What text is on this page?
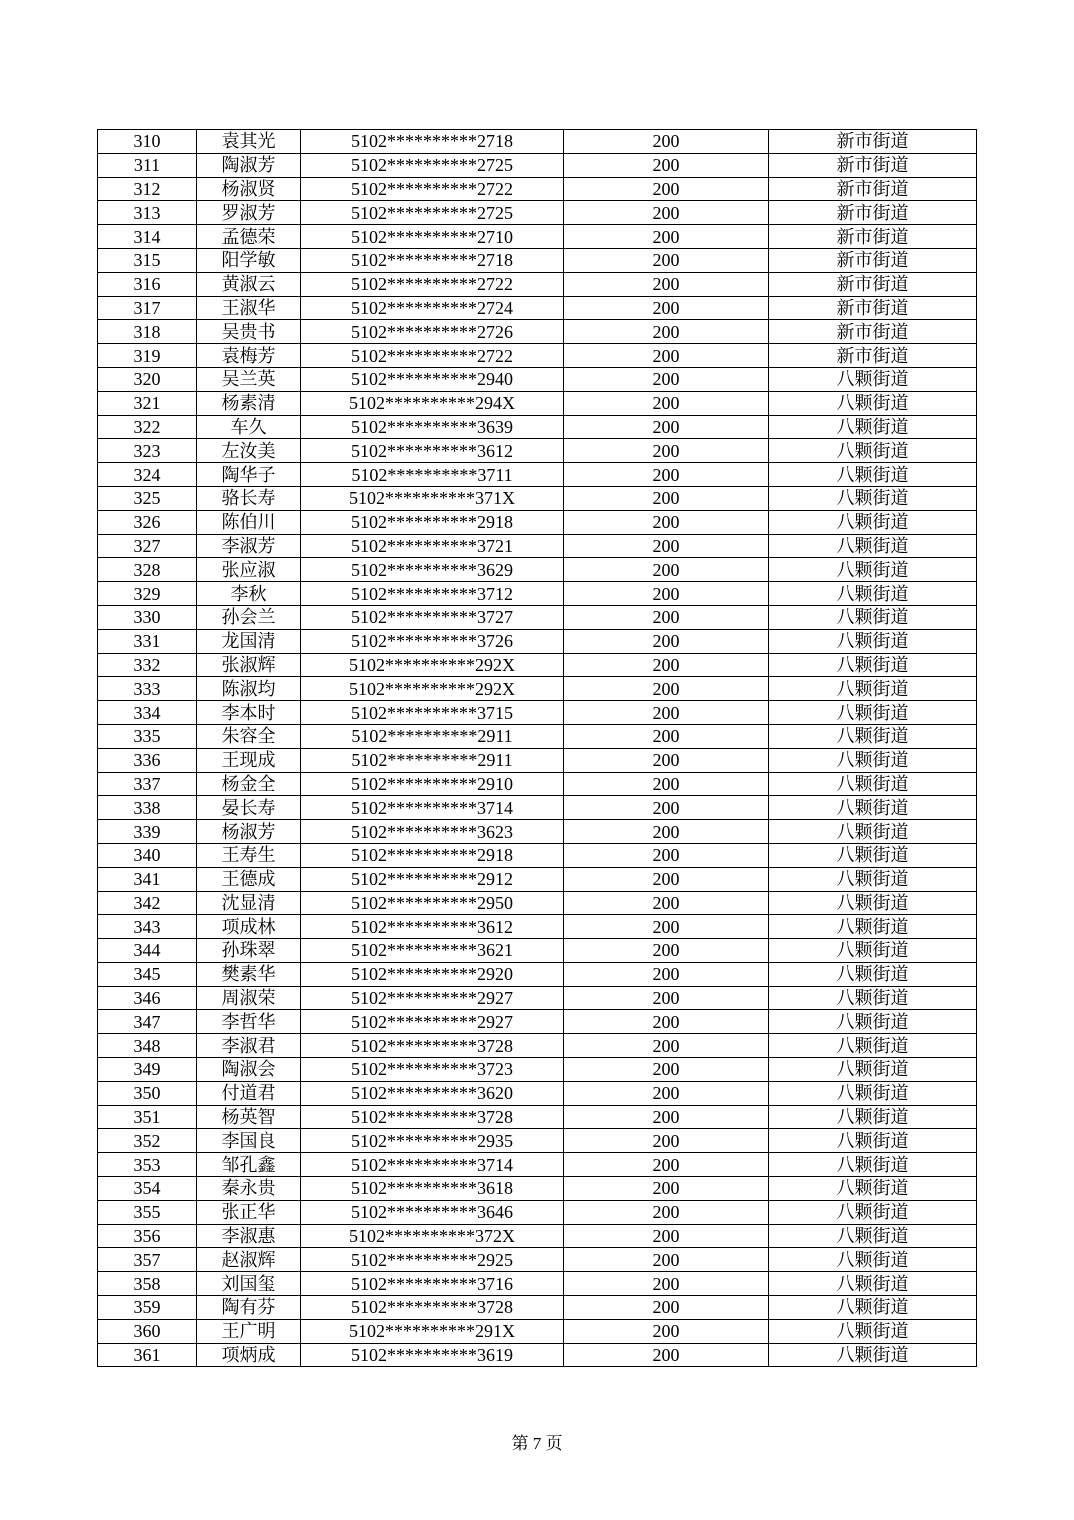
310	袁其光	5102**********2718	200	新市街道
311	陶淑芳	5102**********2725	200	新市街道
312	杨淑贤	5102**********2722	200	新市街道
313	罗淑芳	5102**********2725	200	新市街道
314	孟德荣	5102**********2710	200	新市街道
315	阳学敏	5102**********2718	200	新市街道
316	黄淑云	5102**********2722	200	新市街道
317	王淑华	5102**********2724	200	新市街道
318	吴贵书	5102**********2726	200	新市街道
319	袁梅芳	5102**********2722	200	新市街道
320	吴兰英	5102**********2940	200	八颗街道
321	杨素清	5102**********294X	200	八颗街道
322	车久	5102**********3639	200	八颗街道
323	左汝美	5102**********3612	200	八颗街道
324	陶华子	5102**********3711	200	八颗街道
325	骆长寿	5102**********371X	200	八颗街道
326	陈伯川	5102**********2918	200	八颗街道
327	李淑芳	5102**********3721	200	八颗街道
328	张应淑	5102**********3629	200	八颗街道
329	李秋	5102**********3712	200	八颗街道
330	孙会兰	5102**********3727	200	八颗街道
331	龙国清	5102**********3726	200	八颗街道
332	张淑辉	5102**********292X	200	八颗街道
333	陈淑均	5102**********292X	200	八颗街道
334	李本时	5102**********3715	200	八颗街道
335	朱容全	5102**********2911	200	八颗街道
336	王现成	5102**********2911	200	八颗街道
337	杨金全	5102**********2910	200	八颗街道
338	晏长寿	5102**********3714	200	八颗街道
339	杨淑芳	5102**********3623	200	八颗街道
340	王寿生	5102**********2918	200	八颗街道
341	王德成	5102**********2912	200	八颗街道
342	沈显清	5102**********2950	200	八颗街道
343	项成林	5102**********3612	200	八颗街道
344	孙珠翠	5102**********3621	200	八颗街道
345	樊素华	5102**********2920	200	八颗街道
346	周淑荣	5102**********2927	200	八颗街道
347	李哲华	5102**********2927	200	八颗街道
348	李淑君	5102**********3728	200	八颗街道
349	陶淑会	5102**********3723	200	八颗街道
350	付道君	5102**********3620	200	八颗街道
351	杨英智	5102**********3728	200	八颗街道
352	李国良	5102**********2935	200	八颗街道
353	邹孔鑫	5102**********3714	200	八颗街道
354	秦永贵	5102**********3618	200	八颗街道
355	张正华	5102**********3646	200	八颗街道
356	李淑惠	5102**********372X	200	八颗街道
357	赵淑辉	5102**********2925	200	八颗街道
358	刘国玺	5102**********3716	200	八颗街道
359	陶有芬	5102**********3728	200	八颗街道
360	王广明	5102**********291X	200	八颗街道
361	项炳成	5102**********3619	200	八颗街道
第 7 页
